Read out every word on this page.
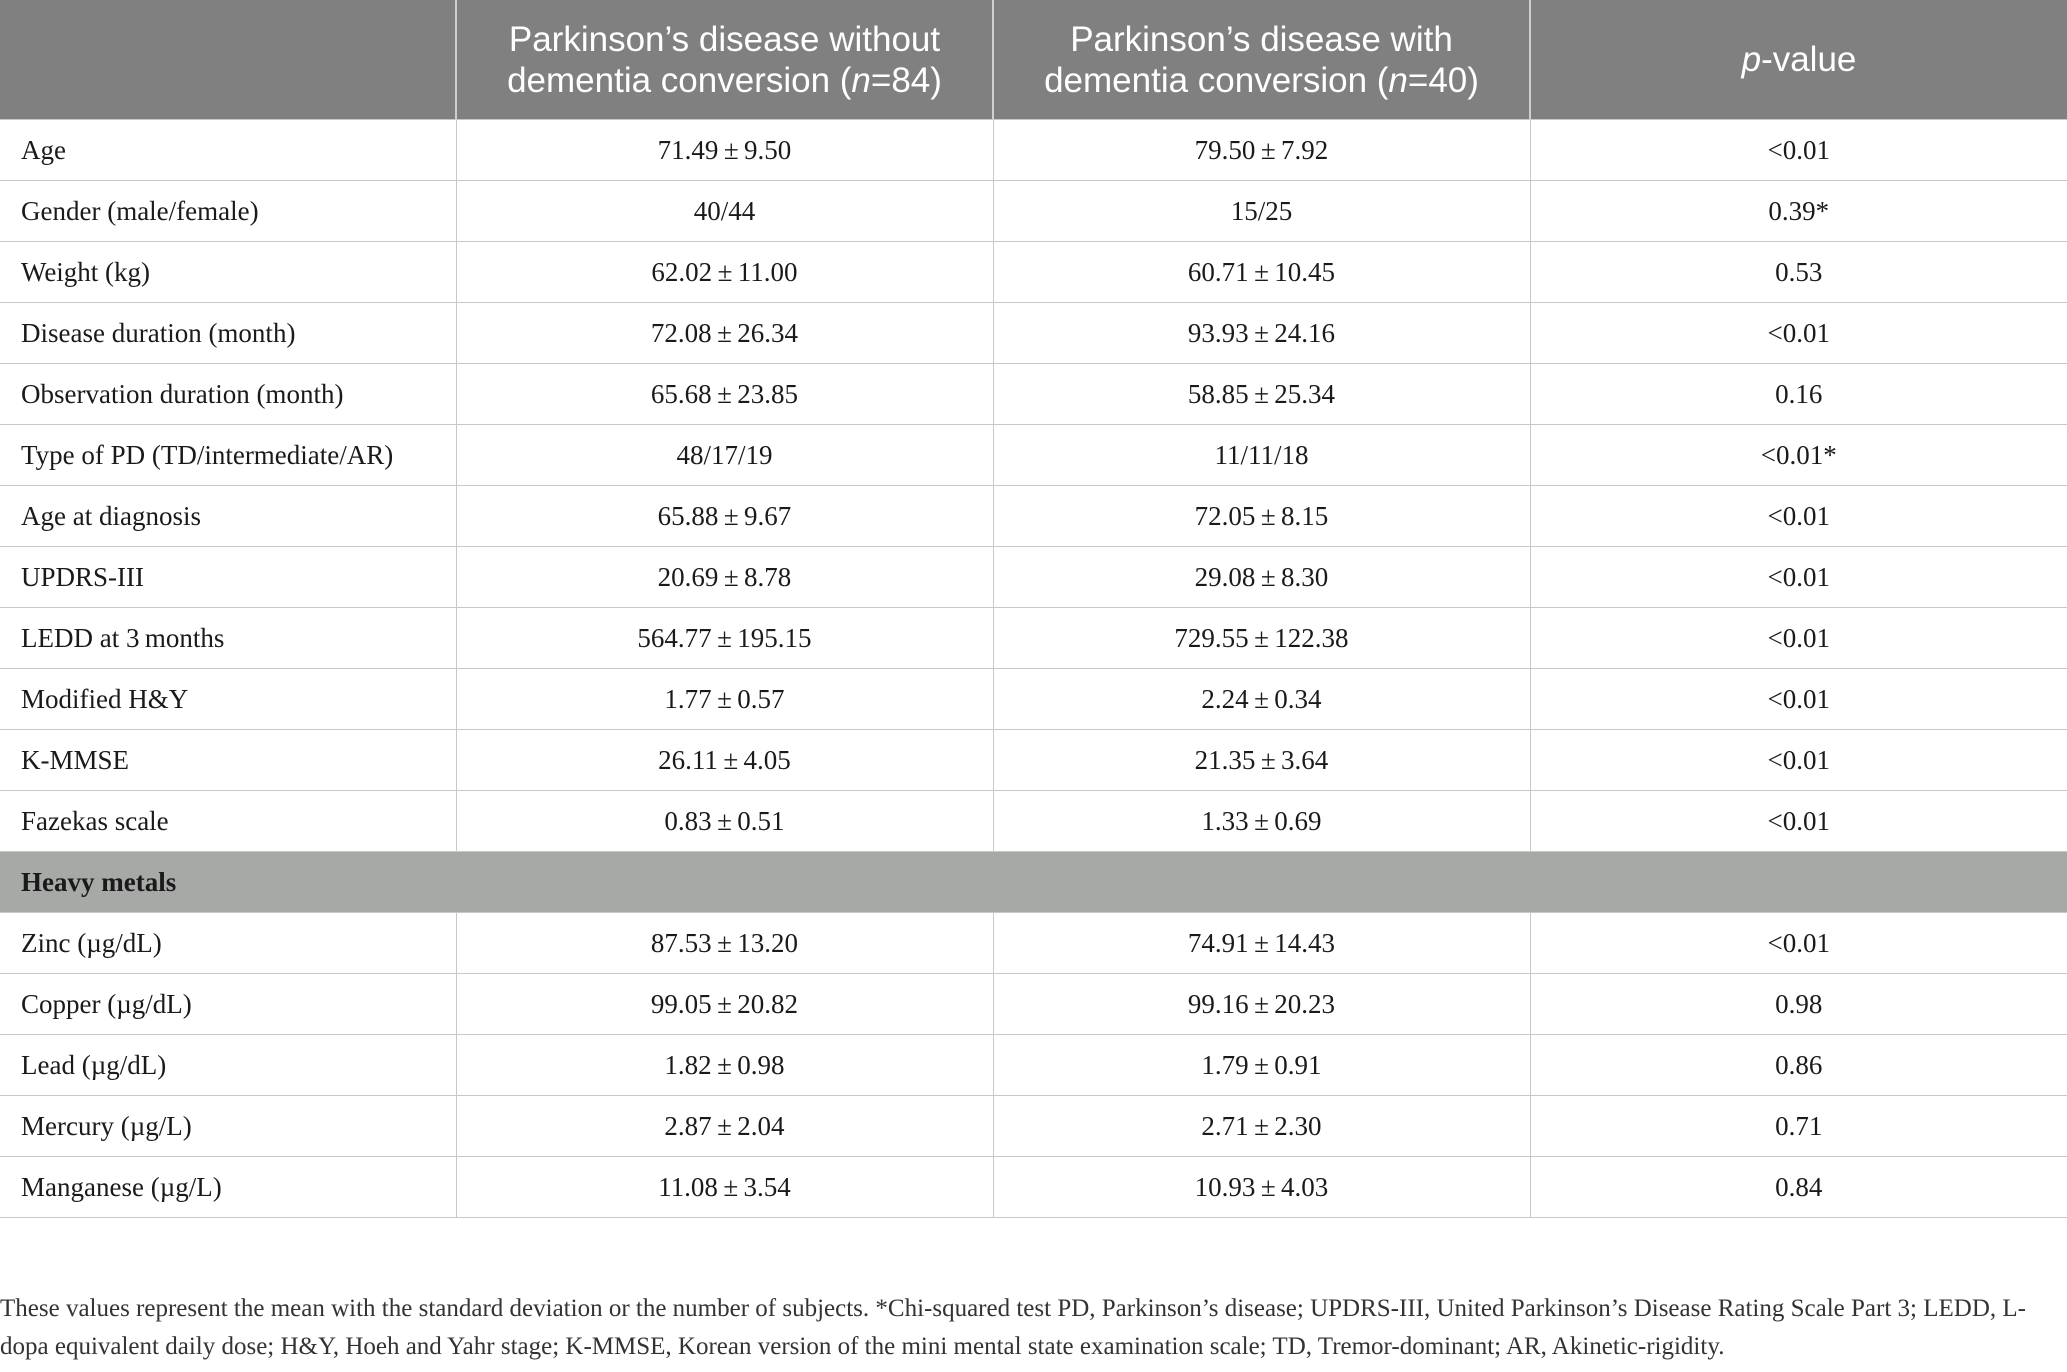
	Parkinson’s disease without
dementia conversion (n=84)	Parkinson’s disease with
dementia conversion (n=40)	p-value
Age	71.49 ± 9.50	79.50 ± 7.92	<0.01
Gender (male/female)	40/44	15/25	0.39*
Weight (kg)	62.02 ± 11.00	60.71 ± 10.45	0.53
Disease duration (month)	72.08 ± 26.34	93.93 ± 24.16	<0.01
Observation duration (month)	65.68 ± 23.85	58.85 ± 25.34	0.16
Type of PD (TD/intermediate/AR)	48/17/19	11/11/18	<0.01*
Age at diagnosis	65.88 ± 9.67	72.05 ± 8.15	<0.01
UPDRS-III	20.69 ± 8.78	29.08 ± 8.30	<0.01
LEDD at 3 months	564.77 ± 195.15	729.55 ± 122.38	<0.01
Modified H&Y	1.77 ± 0.57	2.24 ± 0.34	<0.01
K-MMSE	26.11 ± 4.05	21.35 ± 3.64	<0.01
Fazekas scale	0.83 ± 0.51	1.33 ± 0.69	<0.01
Heavy metals			
Zinc (µg/dL)	87.53 ± 13.20	74.91 ± 14.43	<0.01
Copper (µg/dL)	99.05 ± 20.82	99.16 ± 20.23	0.98
Lead (µg/dL)	1.82 ± 0.98	1.79 ± 0.91	0.86
Mercury (µg/L)	2.87 ± 2.04	2.71 ± 2.30	0.71
Manganese (µg/L)	11.08 ± 3.54	10.93 ± 4.03	0.84

These values represent the mean with the standard deviation or the number of subjects. *Chi-squared test PD, Parkinson’s disease; UPDRS-III, United Parkinson’s Disease Rating Scale Part 3; LEDD, L-dopa equivalent daily dose; H&Y, Hoeh and Yahr stage; K-MMSE, Korean version of the mini mental state examination scale; TD, Tremor-dominant; AR, Akinetic-rigidity.
